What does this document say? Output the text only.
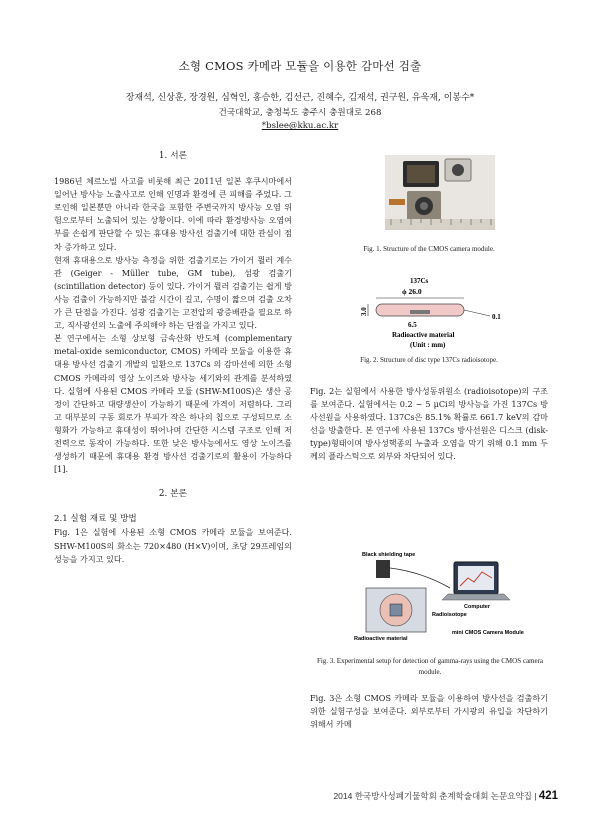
소형 CMOS 카메라 모듈을 이용한 감마선 검출
장재석, 신상훈, 장경원, 심혁인, 홍승한, 김선근, 진혜수, 김재석, 권구원, 유욱재, 이봉수*
건국대학교, 충청북도 충주시 충원대로 268
*bslee@kku.ac.kr
1. 서론

1986년 체르노빌 사고를 비롯해 최근 2011년 일본 후쿠시마에서 일어난 방사능 노출사고로 인해 인명과 환경에 큰 피해를 주었다. 그로인해 일본뿐만 아니라 한국을 포함한 주변국까지 방사능 오염 위험으로부터 노출되어 있는 상황이다. 이에 따라 환경방사능 오염여부를 손쉽게 판단할 수 있는 휴대용 방사선 검출기에 대한 관심이 점차 증가하고 있다.

현재 휴대용으로 방사능 측정을 위한 검출기로는 가이거 뮐러 계수관 (Geiger - Müller tube, GM tube), 섬광 검출기 (scintillation detector) 등이 있다. 가이거 뮐러 검출기는 쉽게 방사능 검출이 가능하지만 불감 시간이 길고, 수명이 짧으며 검출 오차가 큰 단점을 가진다. 섬광 검출기는 고전압의 광증배관을 필요로 하고, 직사광선의 노출에 주의해야 하는 단점을 가지고 있다.

본 연구에서는 소형 상보형 금속산화 반도체 (complementary metal-oxide semiconductor, CMOS) 카메라 모듈을 이용한 휴대용 방사선 검출기 개발의 일환으로 137Cs 의 감마선에 의한 소형 CMOS 카메라의 영상 노이즈와 방사능 세기와의 관계를 분석하였다. 실험에 사용된 CMOS 카메라 모듈 (SHW-M100S)은 생산 공정이 간단하고 대량생산이 가능하기 때문에 가격이 저렴하다. 그리고 대부분의 구동 회로가 부피가 작은 하나의 칩으로 구성되므로 소형화가 가능하고 휴대성이 뛰어나며 간단한 시스템 구조로 인해 저 전력으로 동작이 가능하다. 또한 낮은 방사능에서도 영상 노이즈를 생성하기 때문에 휴대용 환경 방사선 검출기로의 활용이 가능하다[1].

2. 본론
2.1 실험 재료 및 방법

Fig. 1은 실험에 사용된 소형 CMOS 카메라 모듈을 보여준다. SHW-M100S의 화소는 720×480 (H×V)이며, 초당 29프레임의 성능을 가지고 있다.

Fig. 1. Structure of the CMOS camera module.
137Cs
ϕ 26.0
3.0
0.1
6.5
Radioactive material
(Unit : mm)
Fig. 2. Structure of disc type 137Cs radioisotope.

Fig. 2는 실험에서 사용한 방사성동위원소 (radioisotope)의 구조를 보여준다. 실험에서는 0.2 ~ 5 μCi의 방사능을 가진 137Cs 방사선원을 사용하였다. 137Cs은 85.1% 확률로 661.7 keV의 감마선을 방출한다. 본 연구에 사용된 137Cs 방사선원은 디스크 (disk-type)형태이며 방사성핵종의 누출과 오염을 막기 위해 0.1 mm 두께의 플라스틱으로 외부와 차단되어 있다.

Black shielding tape
Computer
Radioisotope
Radioactive material
mini CMOS Camera Module
Fig. 3. Experimental setup for detection of gamma-rays using the CMOS camera module.

Fig. 3은 소형 CMOS 카메라 모듈을 이용하여 방사선을 검출하기 위한 실험구성을 보여준다. 외부로부터 가시광의 유입을 차단하기 위해서 카메

2014 한국방사성폐기물학회 춘계학술대회 논문요약집 | 421
